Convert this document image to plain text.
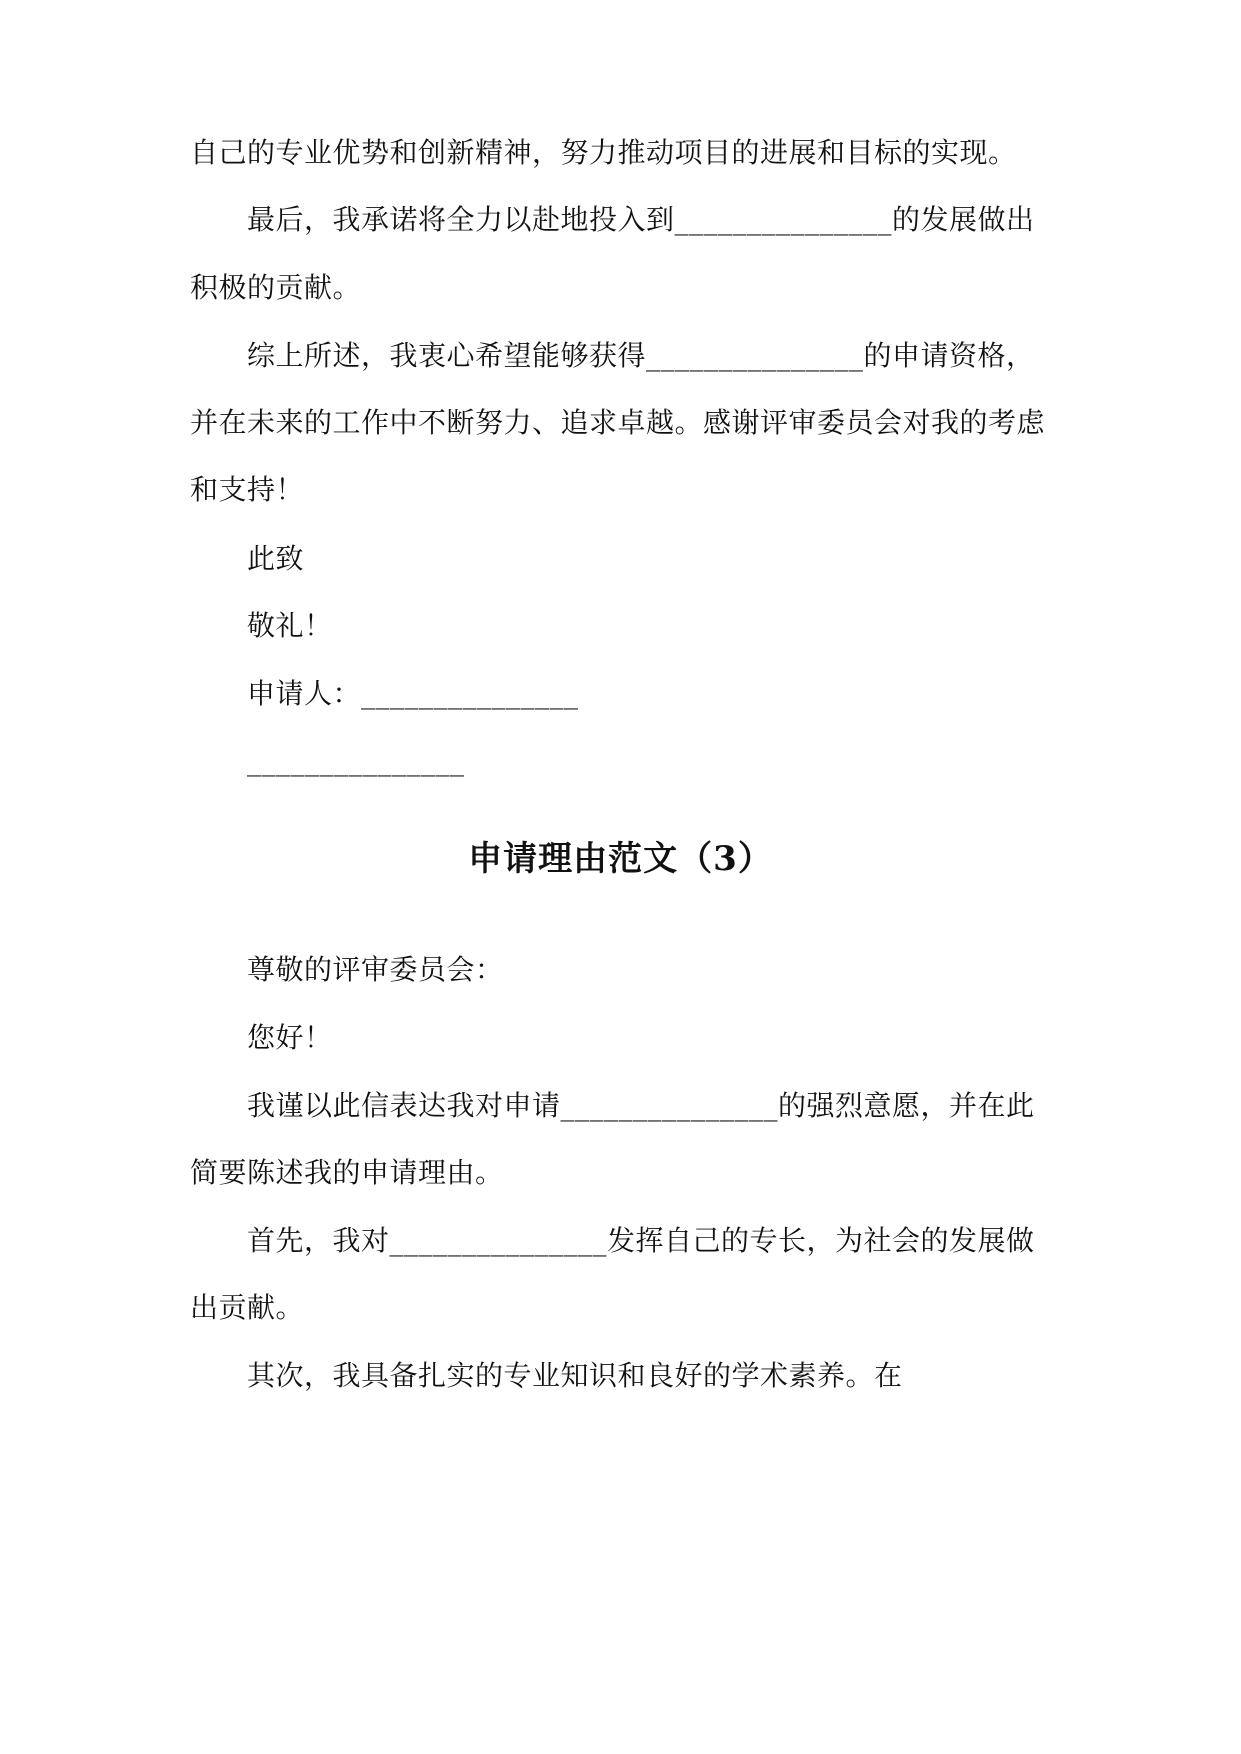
自己的专业优势和创新精神，努力推动项目的进展和目标的实现。
最后，我承诺将全力以赴地投入到_______________的发展做出
积极的贡献。
综上所述，我衷心希望能够获得_______________的申请资格，
并在未来的工作中不断努力、追求卓越。感谢评审委员会对我的考虑
和支持！
此致
敬礼！
申请人：_______________
_______________
申请理由范文（3）
尊敬的评审委员会：
您好！
我谨以此信表达我对申请_______________的强烈意愿，并在此
简要陈述我的申请理由。
首先，我对_______________发挥自己的专长，为社会的发展做
出贡献。
其次，我具备扎实的专业知识和良好的学术素养。在
